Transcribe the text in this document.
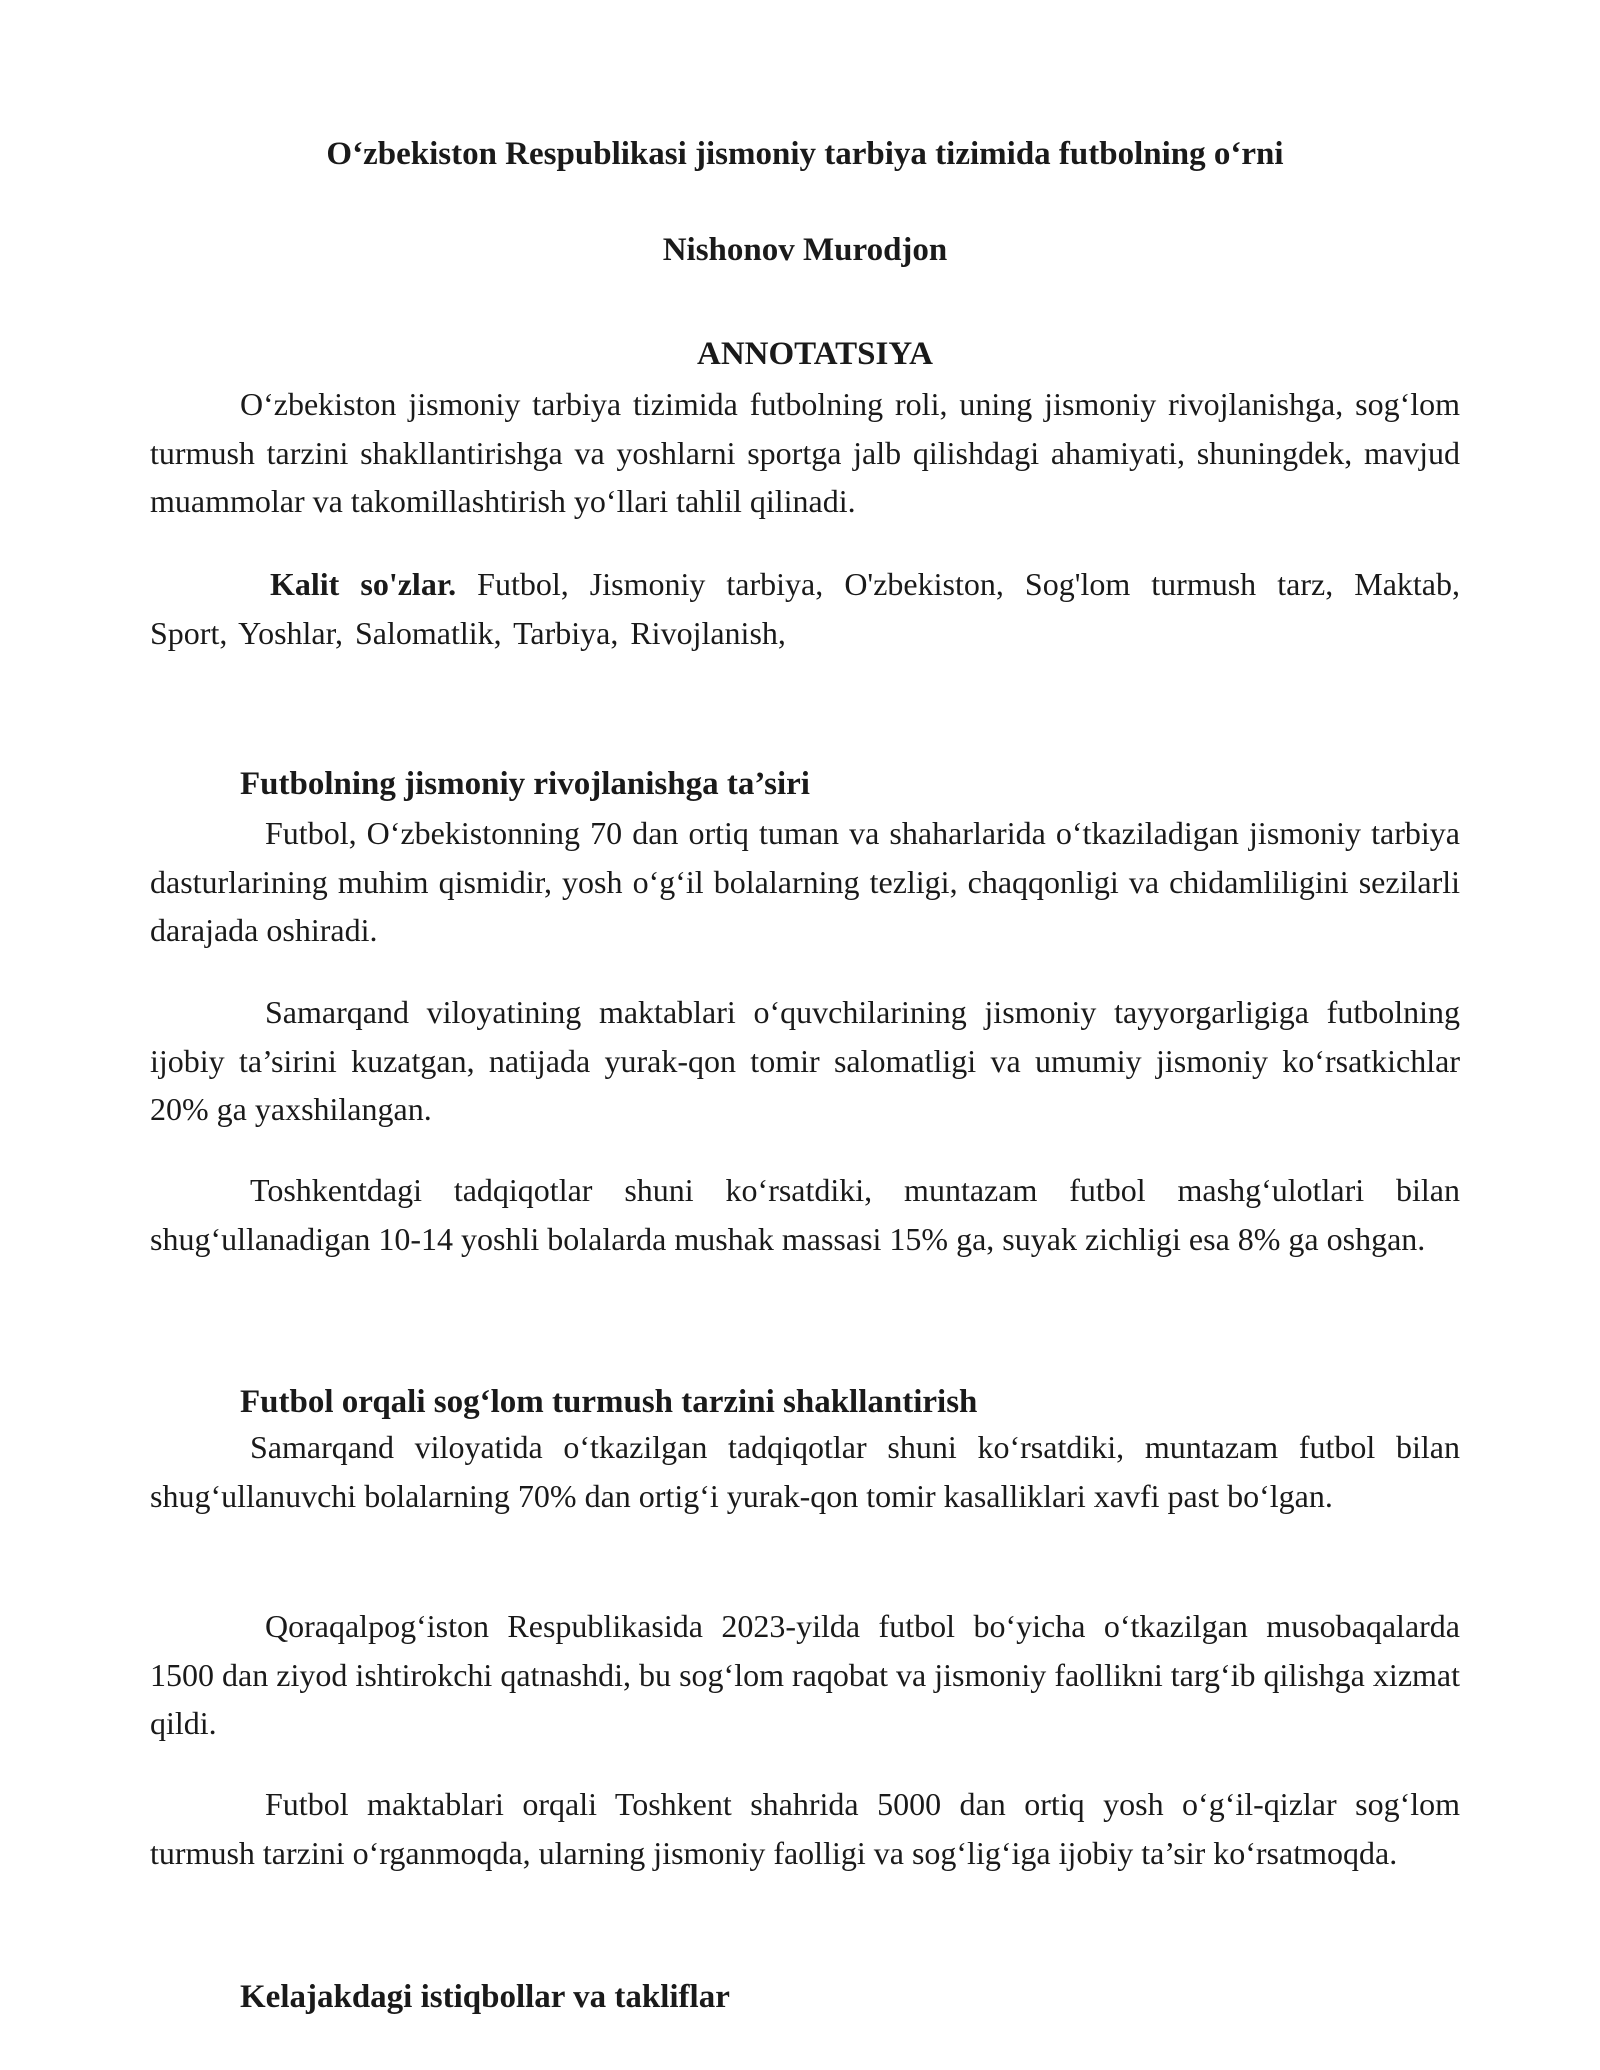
O‘zbekiston Respublikasi jismoniy tarbiya tizimida futbolning o‘rni
Nishonov Murodjon
ANNOTATSIYA

O‘zbekiston jismoniy tarbiya tizimida futbolning roli, uning jismoniy rivojlanishga, sog‘lom turmush tarzini shakllantirishga va yoshlarni sportga jalb qilishdagi ahamiyati, shuningdek, mavjud muammolar va takomillashtirish yo‘llari tahlil qilinadi.

Kalit so'zlar. Futbol, Jismoniy tarbiya, O'zbekiston, Sog'lom turmush tarz, Maktab, Sport, Yoshlar, Salomatlik, Tarbiya, Rivojlanish,

Futbolning jismoniy rivojlanishga ta’siri

Futbol, O‘zbekistonning 70 dan ortiq tuman va shaharlarida o‘tkaziladigan jismoniy tarbiya dasturlarining muhim qismidir, yosh o‘g‘il bolalarning tezligi, chaqqonligi va chidamliligini sezilarli darajada oshiradi.

Samarqand viloyatining maktablari o‘quvchilarining jismoniy tayyorgarligiga futbolning ijobiy ta’sirini kuzatgan, natijada yurak-qon tomir salomatligi va umumiy jismoniy ko‘rsatkichlar 20% ga yaxshilangan.

Toshkentdagi tadqiqotlar shuni ko‘rsatdiki, muntazam futbol mashg‘ulotlari bilan shug‘ullanadigan 10-14 yoshli bolalarda mushak massasi 15% ga, suyak zichligi esa 8% ga oshgan.

Futbol orqali sog‘lom turmush tarzini shakllantirish

Samarqand viloyatida o‘tkazilgan tadqiqotlar shuni ko‘rsatdiki, muntazam futbol bilan shug‘ullanuvchi bolalarning 70% dan ortig‘i yurak-qon tomir kasalliklari xavfi past bo‘lgan.

Qoraqalpog‘iston Respublikasida 2023-yilda futbol bo‘yicha o‘tkazilgan musobaqalarda 1500 dan ziyod ishtirokchi qatnashdi, bu sog‘lom raqobat va jismoniy faollikni targ‘ib qilishga xizmat qildi.

Futbol maktablari orqali Toshkent shahrida 5000 dan ortiq yosh o‘g‘il-qizlar sog‘lom turmush tarzini o‘rganmoqda, ularning jismoniy faolligi va sog‘lig‘iga ijobiy ta’sir ko‘rsatmoqda.

Kelajakdagi istiqbollar va takliflar
